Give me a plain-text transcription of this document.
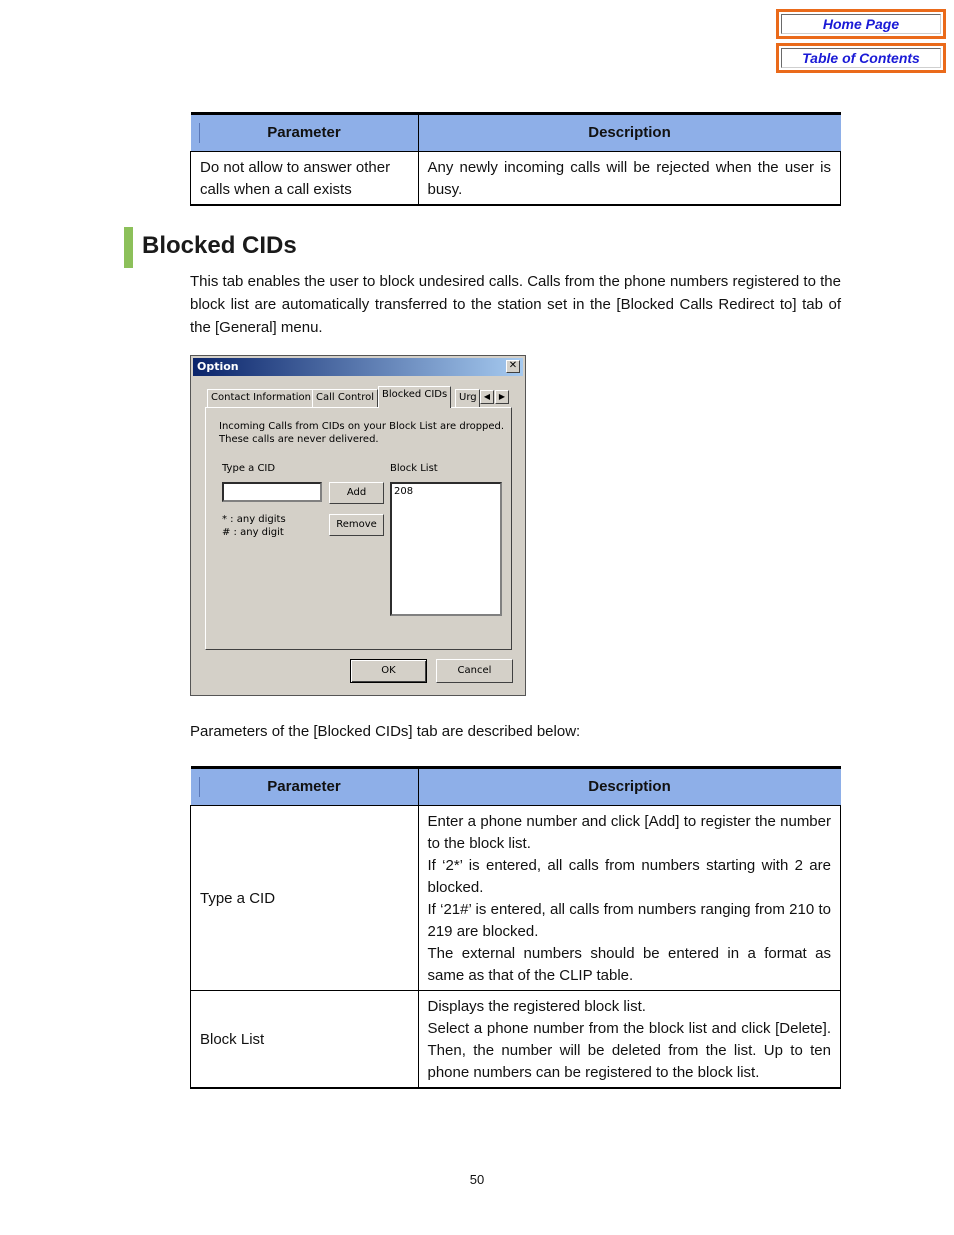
Home Page
Table of Contents
Parameter	Description
Do not allow to answer other calls when a call exists	Any newly incoming calls will be rejected when the user is busy.
Blocked CIDs

This tab enables the user to block undesired calls. Calls from the phone numbers registered to the block list are automatically transferred to the station set in the [Blocked Calls Redirect to] tab of the [General] menu.

Option	✕
Contact Information Call Control Blocked CIDs	Urg ◀	▶
Incoming Calls from CIDs on your Block List are dropped.
These calls are never delivered.
Type a CID	Block List
Add
* : any digits
# : any digit
Remove
208
OK	Cancel

Parameters of the [Blocked CIDs] tab are described below:

Parameter	Description
Type a CID	Enter a phone number and click [Add] to register the number to the block list.
If ‘2*’ is entered, all calls from numbers starting with 2 are blocked.
If ‘21#’ is entered, all calls from numbers ranging from 210 to 219 are blocked.
The external numbers should be entered in a format as same as that of the CLIP table.

Block List	Displays the registered block list.
Select a phone number from the block list and click [Delete]. Then, the number will be deleted from the list. Up to ten phone numbers can be registered to the block list.
50
